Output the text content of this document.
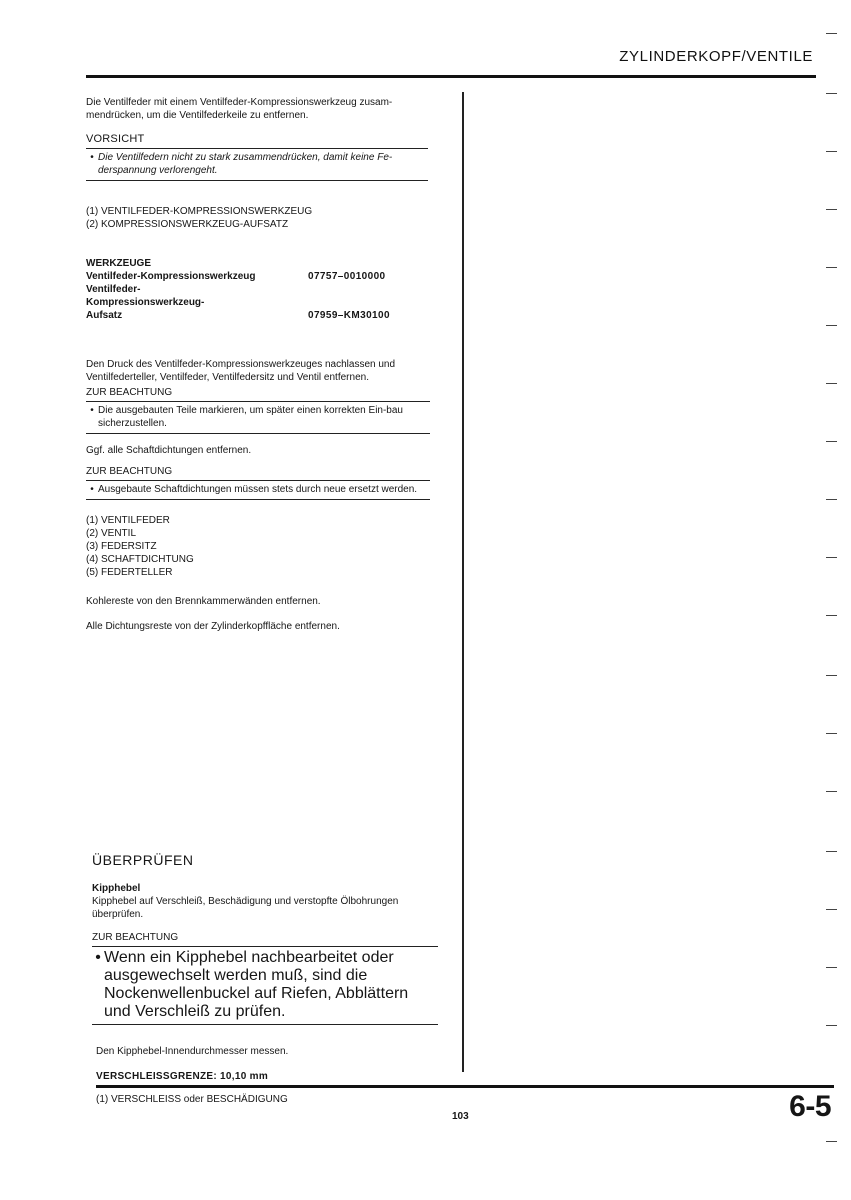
ZYLINDERKOPF/VENTILE

Die Ventilfeder mit einem Ventilfeder-Kompressionswerkzeug zusam-mendrücken, um die Ventilfederkeile zu entfernen.

VORSICHT
• Die Ventilfedern nicht zu stark zusammendrücken, damit keine Fe-derspannung verlorengeht.
(1) VENTILFEDER-KOMPRESSIONSWERKZEUG
(2) KOMPRESSIONSWERKZEUG-AUFSATZ
WERKZEUGE
Ventilfeder-Kompressionswerkzeug	07757–0010000
Ventilfeder-Kompressionswerkzeug-Aufsatz	07959–KM30100

Den Druck des Ventilfeder-Kompressionswerkzeuges nachlassen und Ventilfederteller, Ventilfeder, Ventilfedersitz und Ventil entfernen.

ZUR BEACHTUNG
• Die ausgebauten Teile markieren, um später einen korrekten Ein-bau sicherzustellen.
Ggf. alle Schaftdichtungen entfernen.
ZUR BEACHTUNG
• Ausgebaute Schaftdichtungen müssen stets durch neue ersetzt werden.
(1) VENTILFEDER
(2) VENTIL
(3) FEDERSITZ
(4) SCHAFTDICHTUNG
(5) FEDERTELLER
Kohlereste von den Brennkammerwänden entfernen.
Alle Dichtungsreste von der Zylinderkopffläche entfernen.
ÜBERPRÜFEN
Kipphebel

Kipphebel auf Verschleiß, Beschädigung und verstopfte Ölbohrungen überprüfen.

ZUR BEACHTUNG
• Wenn ein Kipphebel nachbearbeitet oder ausgewechselt werden muß, sind die Nockenwellenbuckel auf Riefen, Abblättern und Verschleiß zu prüfen.
Den Kipphebel-Innendurchmesser messen.
VERSCHLEISSGRENZE: 10,10 mm
(1) VERSCHLEISS oder BESCHÄDIGUNG
103	6-5
